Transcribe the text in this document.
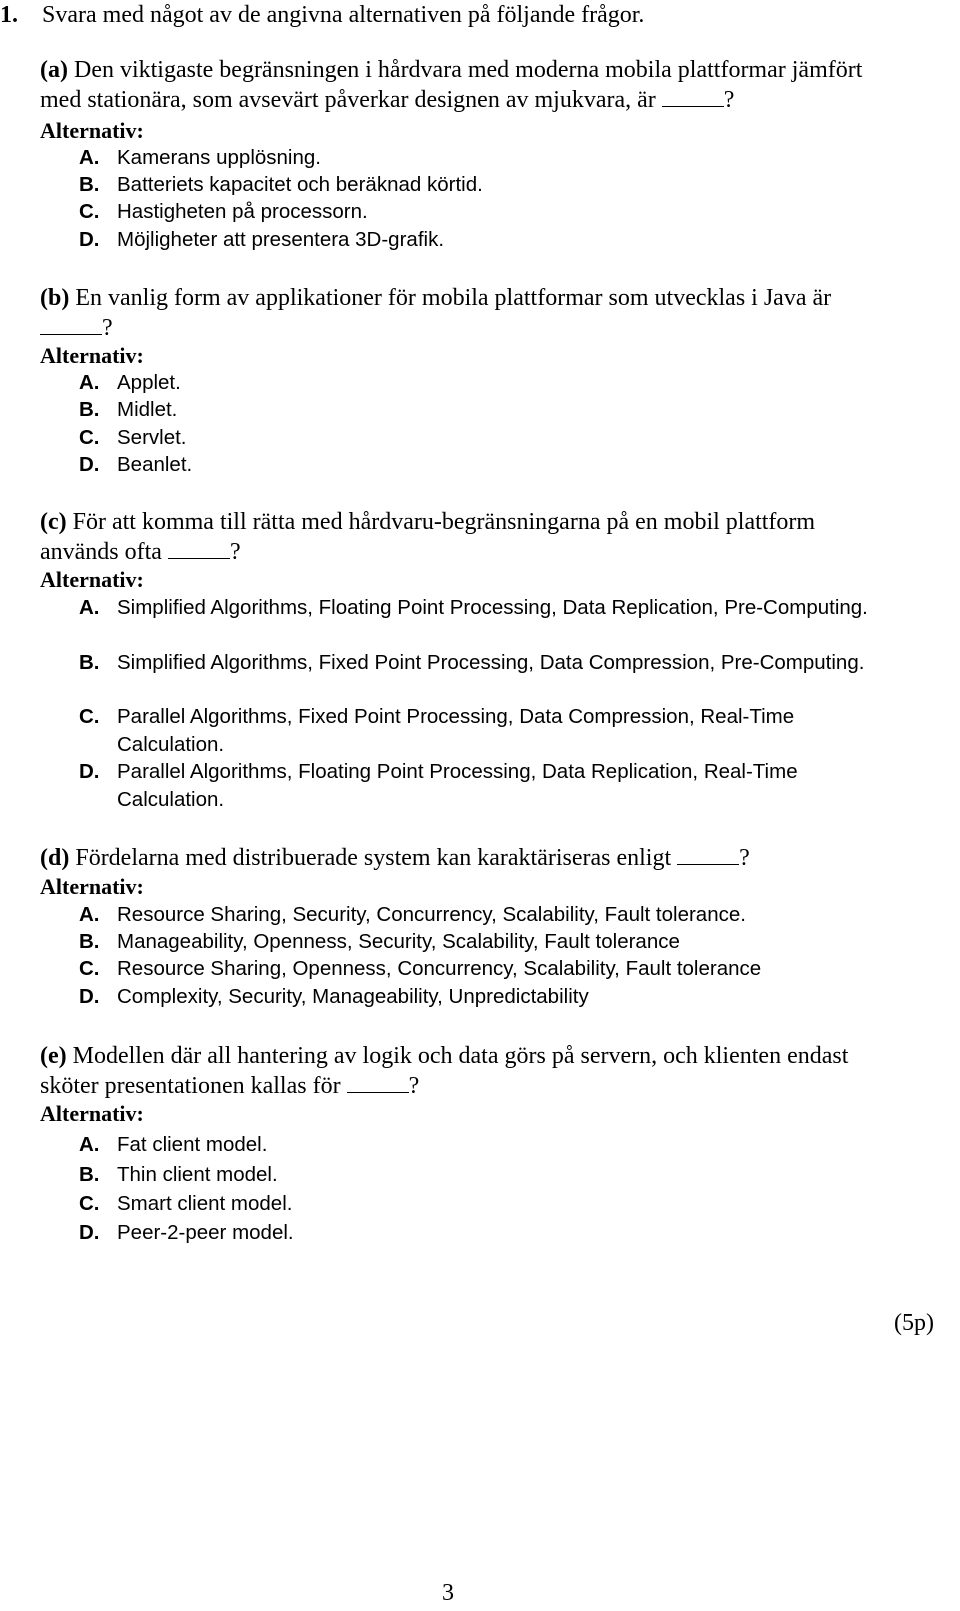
1. Svara med något av de angivna alternativen på följande frågor.
(a) Den viktigaste begränsningen i hårdvara med moderna mobila plattformar jämfört
med stationära, som avsevärt påverkar designen av mjukvara, är	?
Alternativ:
A. Kamerans upplösning.
B. Batteriets kapacitet och beräknad körtid.
C. Hastigheten på processorn.
D. Möjligheter att presentera 3D-grafik.
(b) En vanlig form av applikationer för mobila plattformar som utvecklas i Java är
?
Alternativ:
A. Applet.
B. Midlet.
C. Servlet.
D. Beanlet.
(c) För att komma till rätta med hårdvaru-begränsningarna på en mobil plattform
används ofta	?
Alternativ:
A. Simplified Algorithms, Floating Point Processing, Data Replication, Pre-Computing.
B. Simplified Algorithms, Fixed Point Processing, Data Compression, Pre-Computing.
C. Parallel Algorithms, Fixed Point Processing, Data Compression, Real-Time Calculation.
D. Parallel Algorithms, Floating Point Processing, Data Replication, Real-Time Calculation.
(d) Fördelarna med distribuerade system kan karaktäriseras enligt	?
Alternativ:
A. Resource Sharing, Security, Concurrency, Scalability, Fault tolerance.
B. Manageability, Openness, Security, Scalability, Fault tolerance
C. Resource Sharing, Openness, Concurrency, Scalability, Fault tolerance
D. Complexity, Security, Manageability, Unpredictability
(e) Modellen där all hantering av logik och data görs på servern, och klienten endast
sköter presentationen kallas för	?
Alternativ:
A. Fat client model.
B. Thin client model.
C. Smart client model.
D. Peer-2-peer model.
(5p)
3
